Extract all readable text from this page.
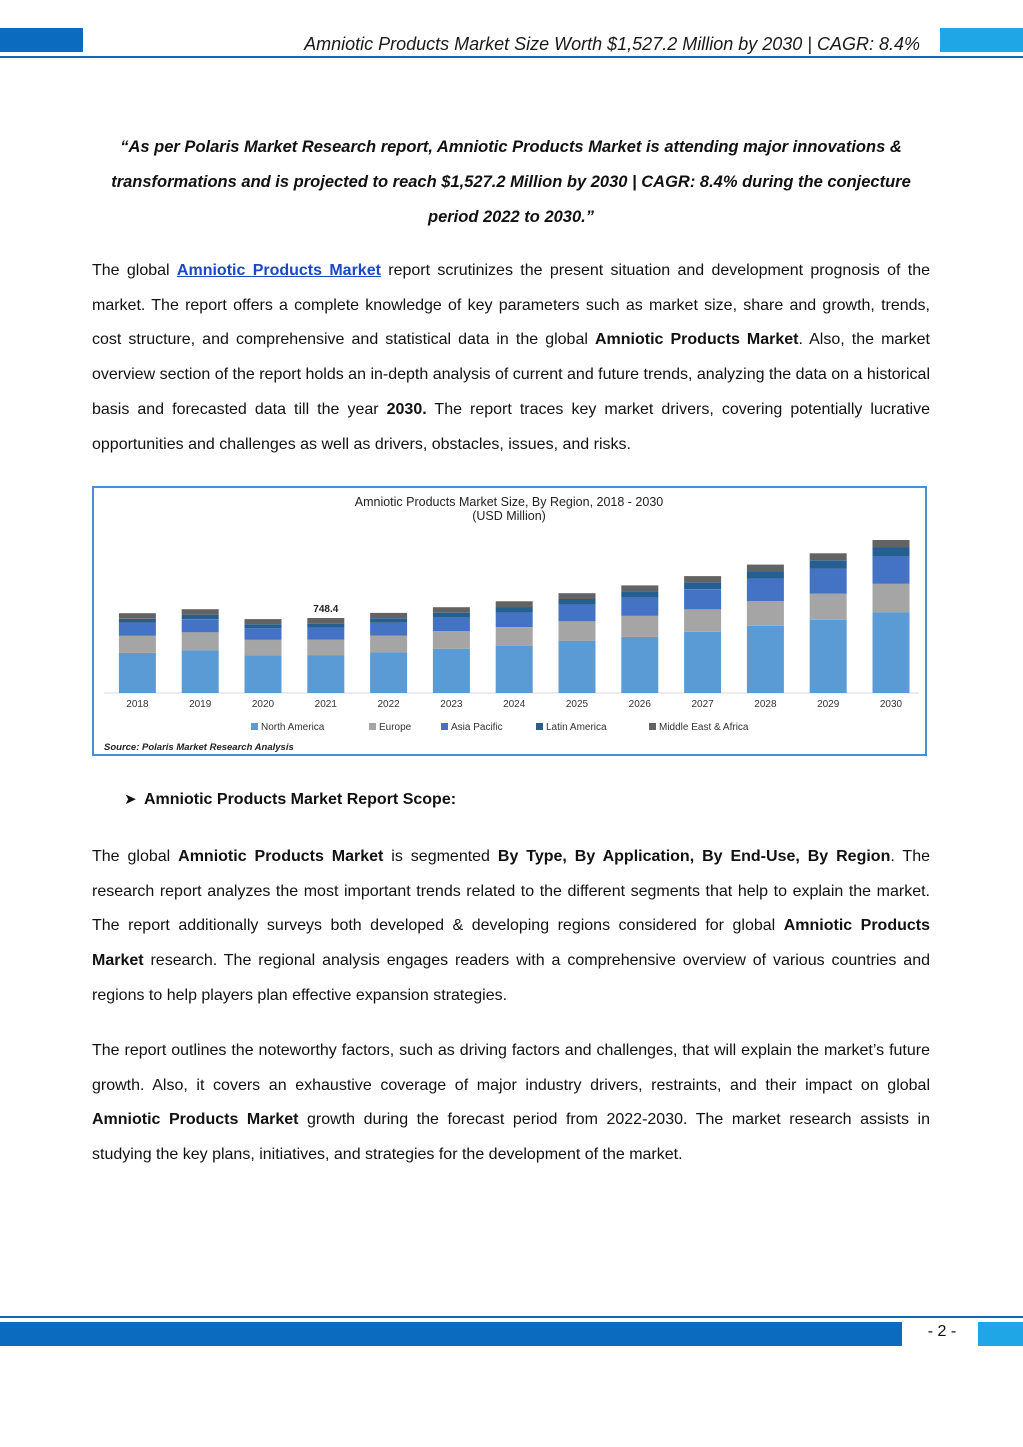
Amniotic Products Market Size Worth $1,527.2 Million by 2030 | CAGR: 8.4%
“As per Polaris Market Research report, Amniotic Products Market is attending major innovations &
transformations and is projected to reach $1,527.2 Million by 2030 | CAGR: 8.4% during the conjecture
period 2022 to 2030.”
The global Amniotic Products Market report scrutinizes the present situation and development prognosis of the market. The report offers a complete knowledge of key parameters such as market size, share and growth, trends, cost structure, and comprehensive and statistical data in the global Amniotic Products Market. Also, the market overview section of the report holds an in-depth analysis of current and future trends, analyzing the data on a historical basis and forecasted data till the year 2030. The report traces key market drivers, covering potentially lucrative opportunities and challenges as well as drivers, obstacles, issues, and risks.
Amniotic Products Market Size, By Region, 2018 - 2030
(USD Million)
748.4
2018	2019	2020	2021	2022	2023	2024	2025	2026	2027	2028	2029	2030
North America	Europe	Asia Pacific	Latin America	Middle East & Africa
Source: Polaris Market Research Analysis
➤ Amniotic Products Market Report Scope:
The global Amniotic Products Market is segmented By Type, By Application, By End-Use, By Region. The research report analyzes the most important trends related to the different segments that help to explain the market. The report additionally surveys both developed & developing regions considered for global Amniotic Products Market research. The regional analysis engages readers with a comprehensive overview of various countries and regions to help players plan effective expansion strategies.
The report outlines the noteworthy factors, such as driving factors and challenges, that will explain the market’s future growth. Also, it covers an exhaustive coverage of major industry drivers, restraints, and their impact on global Amniotic Products Market growth during the forecast period from 2022-2030. The market research assists in studying the key plans, initiatives, and strategies for the development of the market.
- 2 -
